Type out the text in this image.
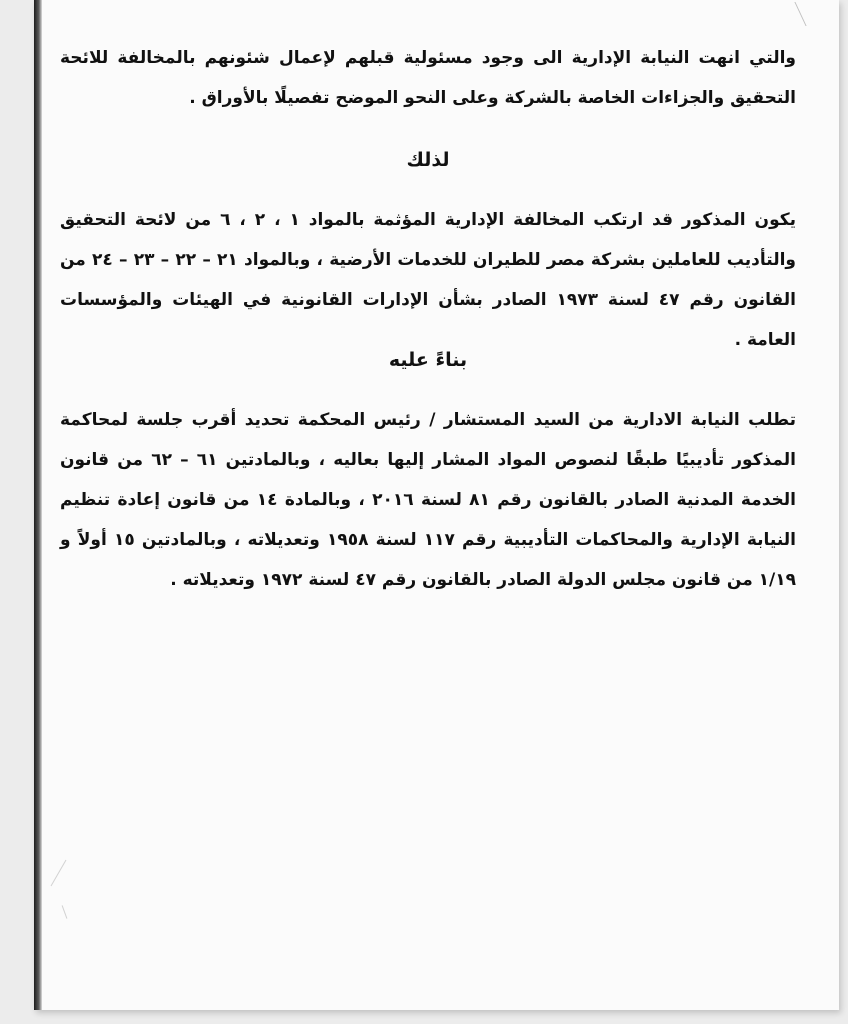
والتي انهت النيابة الإدارية الى وجود مسئولية قبلهم لإعمال شئونهم بالمخالفة للائحة التحقيق والجزاءات الخاصة بالشركة وعلى النحو الموضح تفصيلًا بالأوراق .

لذلك

يكون المذكور قد ارتكب المخالفة الإدارية المؤثمة بالمواد ١ ، ٢ ، ٦ من لائحة التحقيق والتأديب للعاملين بشركة مصر للطيران للخدمات الأرضية ، وبالمواد ٢١ – ٢٢ – ٢٣ – ٢٤ من القانون رقم ٤٧ لسنة ١٩٧٣ الصادر بشأن الإدارات القانونية في الهيئات والمؤسسات العامة .

بناءً عليه

تطلب النيابة الادارية من السيد المستشار / رئيس المحكمة تحديد أقرب جلسة لمحاكمة المذكور تأديبيًا طبقًا لنصوص المواد المشار إليها بعاليه ، وبالمادتين ٦١ – ٦٢ من قانون الخدمة المدنية الصادر بالقانون رقم ٨١ لسنة ٢٠١٦ ، وبالمادة ١٤ من قانون إعادة تنظيم النيابة الإدارية والمحاكمات التأديبية رقم ١١٧ لسنة ١٩٥٨ وتعديلاته ، وبالمادتين ١٥ أولاً و ١/١٩ من قانون مجلس الدولة الصادر بالقانون رقم ٤٧ لسنة ١٩٧٢ وتعديلاته .
